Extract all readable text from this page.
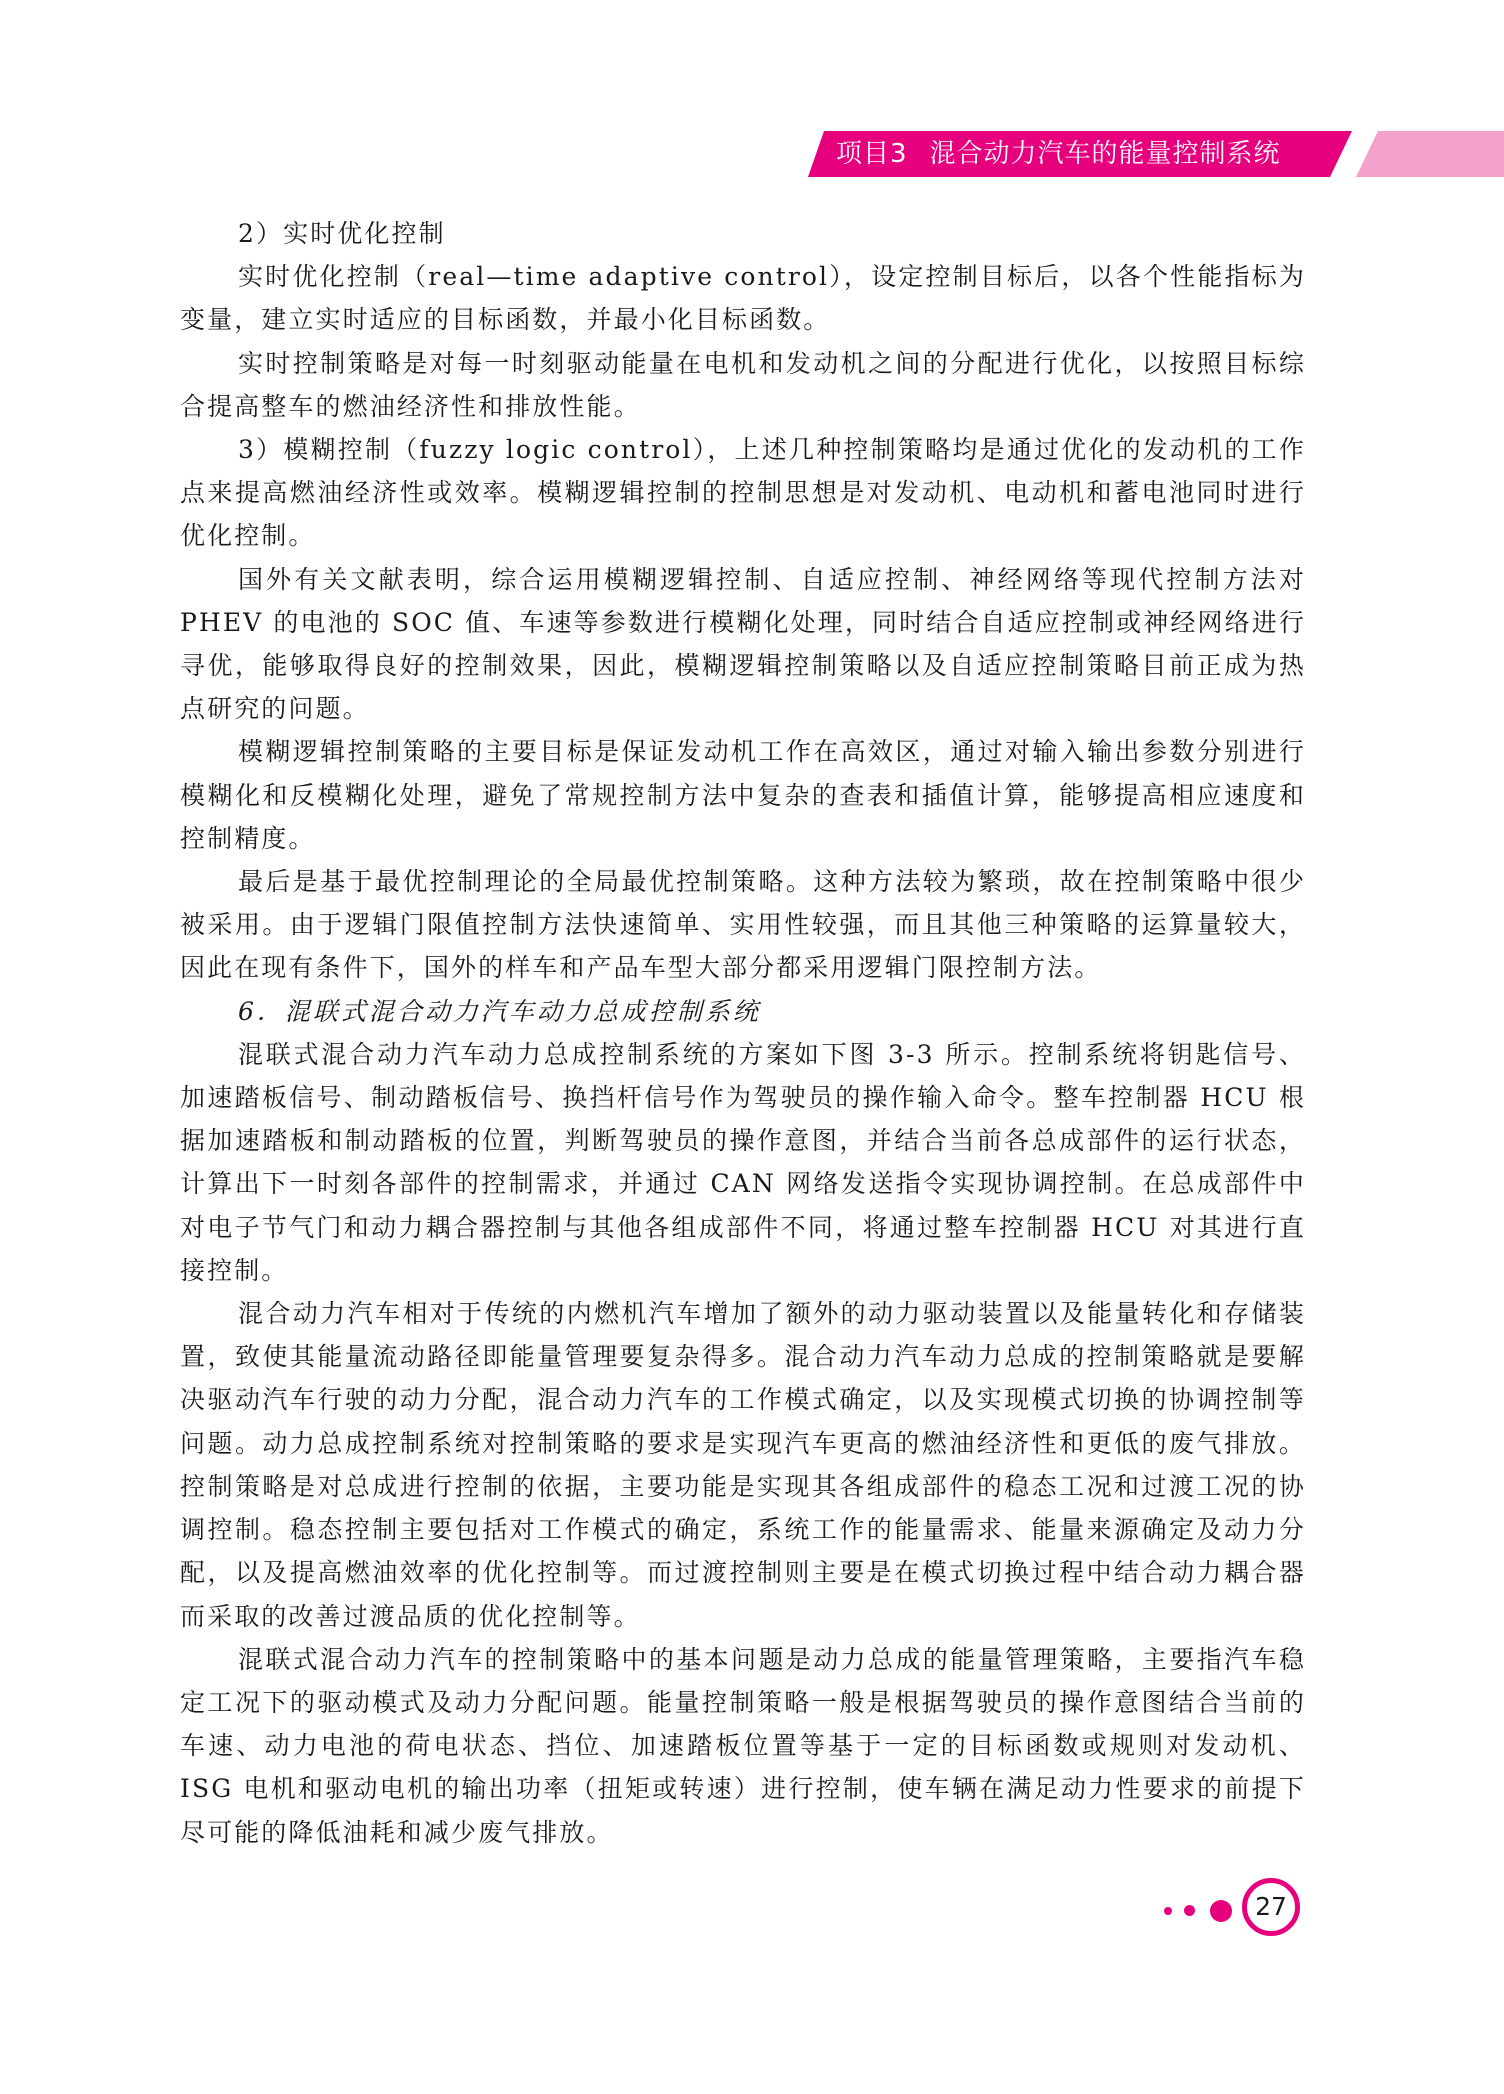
项目3 混合动力汽车的能量控制系统

2）实时优化控制

实时优化控制（real—time adaptive control），设定控制目标后，以各个性能指标为变量，建立实时适应的目标函数，并最小化目标函数。

实时控制策略是对每一时刻驱动能量在电机和发动机之间的分配进行优化，以按照目标综合提高整车的燃油经济性和排放性能。

3）模糊控制（fuzzy logic control），上述几种控制策略均是通过优化的发动机的工作点来提高燃油经济性或效率。模糊逻辑控制的控制思想是对发动机、电动机和蓄电池同时进行优化控制。

国外有关文献表明，综合运用模糊逻辑控制、自适应控制、神经网络等现代控制方法对 PHEV 的电池的 SOC 值、车速等参数进行模糊化处理，同时结合自适应控制或神经网络进行寻优，能够取得良好的控制效果，因此，模糊逻辑控制策略以及自适应控制策略目前正成为热点研究的问题。

模糊逻辑控制策略的主要目标是保证发动机工作在高效区，通过对输入输出参数分别进行模糊化和反模糊化处理，避免了常规控制方法中复杂的查表和插值计算，能够提高相应速度和控制精度。

最后是基于最优控制理论的全局最优控制策略。这种方法较为繁琐，故在控制策略中很少被采用。由于逻辑门限值控制方法快速简单、实用性较强，而且其他三种策略的运算量较大，因此在现有条件下，国外的样车和产品车型大部分都采用逻辑门限控制方法。

6．混联式混合动力汽车动力总成控制系统

混联式混合动力汽车动力总成控制系统的方案如下图 3-3 所示。控制系统将钥匙信号、加速踏板信号、制动踏板信号、换挡杆信号作为驾驶员的操作输入命令。整车控制器 HCU 根据加速踏板和制动踏板的位置，判断驾驶员的操作意图，并结合当前各总成部件的运行状态，计算出下一时刻各部件的控制需求，并通过 CAN 网络发送指令实现协调控制。在总成部件中对电子节气门和动力耦合器控制与其他各组成部件不同，将通过整车控制器 HCU 对其进行直接控制。

混合动力汽车相对于传统的内燃机汽车增加了额外的动力驱动装置以及能量转化和存储装置，致使其能量流动路径即能量管理要复杂得多。混合动力汽车动力总成的控制策略就是要解决驱动汽车行驶的动力分配，混合动力汽车的工作模式确定，以及实现模式切换的协调控制等问题。动力总成控制系统对控制策略的要求是实现汽车更高的燃油经济性和更低的废气排放。控制策略是对总成进行控制的依据，主要功能是实现其各组成部件的稳态工况和过渡工况的协调控制。稳态控制主要包括对工作模式的确定，系统工作的能量需求、能量来源确定及动力分配，以及提高燃油效率的优化控制等。而过渡控制则主要是在模式切换过程中结合动力耦合器而采取的改善过渡品质的优化控制等。

混联式混合动力汽车的控制策略中的基本问题是动力总成的能量管理策略，主要指汽车稳定工况下的驱动模式及动力分配问题。能量控制策略一般是根据驾驶员的操作意图结合当前的车速、动力电池的荷电状态、挡位、加速踏板位置等基于一定的目标函数或规则对发动机、ISG 电机和驱动电机的输出功率（扭矩或转速）进行控制，使车辆在满足动力性要求的前提下尽可能的降低油耗和减少废气排放。

27
